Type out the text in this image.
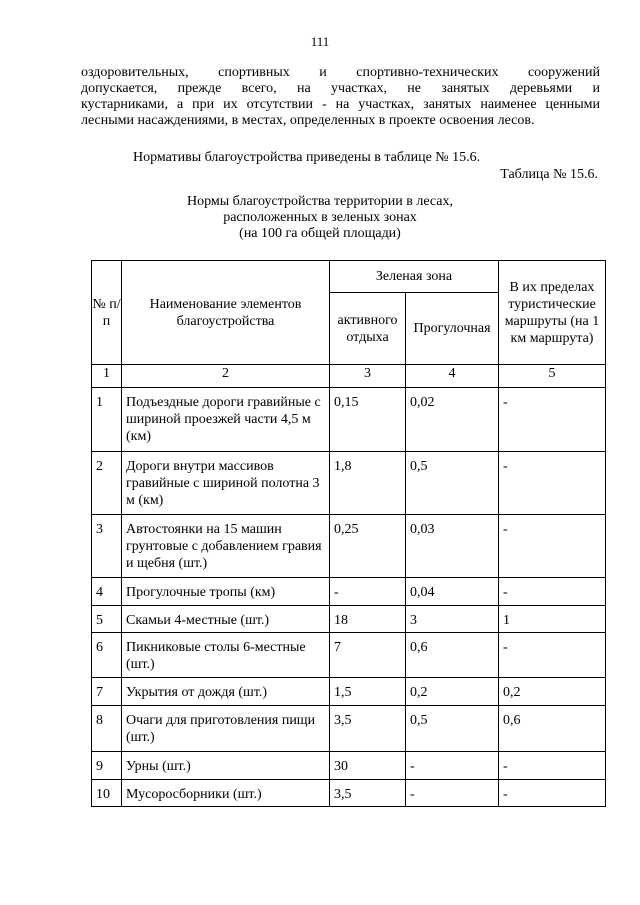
111
оздоровительных, спортивных и спортивно-технических сооружений
допускается, прежде всего, на участках, не занятых деревьями и
кустарниками, а при их отсутствии - на участках, занятых наименее ценными
лесными насаждениями, в местах, определенных в проекте освоения лесов.
Нормативы благоустройства приведены в таблице № 15.6.
Таблица № 15.6.
Нормы благоустройства территории в лесах,
расположенных в зеленых зонах
(на 100 га общей площади)
№ п/п	Наименование элементов благоустройства	Зеленая зона		В их пределах туристические маршруты (на 1 км маршрута)
		активного отдыха	Прогулочная	
1	2	3	4	5

1	Подъездные дороги гравийные с шириной проезжей части 4,5 м (км)	0,15	0,02	-

2	Дороги внутри массивов гравийные с шириной полотна 3 м (км)	1,8	0,5	-

3	Автостоянки на 15 машин грунтовые с добавлением гравия и щебня (шт.)	0,25	0,03	-

4	Прогулочные тропы (км)	-	0,04	-

5	Скамьи 4-местные (шт.)	18	3	1

6	Пикниковые столы 6-местные (шт.)	7	0,6	-

7	Укрытия от дождя (шт.)	1,5	0,2	0,2

8	Очаги для приготовления пищи (шт.)	3,5	0,5	0,6

9	Урны (шт.)	30	-	-

10	Мусоросборники (шт.)	3,5	-	-
